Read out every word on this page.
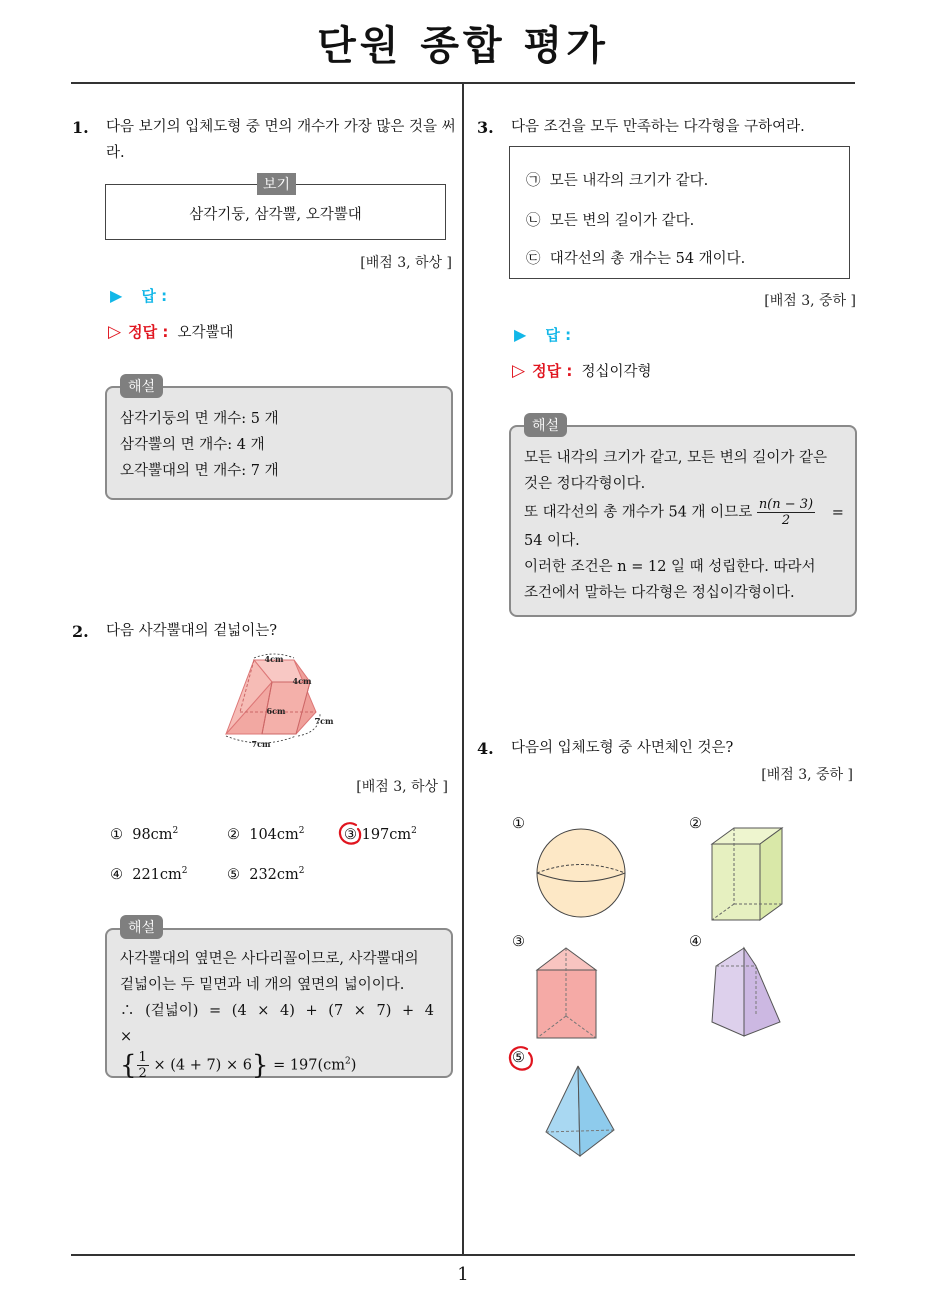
단원 종합 평가
1
1. 다음 보기의 입체도형 중 면의 개수가 가장 많은 것을 써라.
삼각기둥, 삼각뿔, 오각뿔대
보기
[배점 3, 하상 ]
▶ 답 :
▷ 정답 : 오각뿔대
삼각기둥의 면 개수: 5 개
삼각뿔의 면 개수: 4 개
오각뿔대의 면 개수: 7 개
해설
2. 다음 사각뿔대의 겉넓이는?
4cm
4cm
6cm
7cm
7cm
[배점 3, 하상 ]
① $98cm^2$	② $104cm^2$	③ $197cm^2$
④ $221cm^2$	⑤ $232cm^2$
사각뿔대의 옆면은 사다리꼴이므로, 사각뿔대의
겉넓이는 두 밑면과 네 개의 옆면의 넓이이다.
∴ (겉넓이) = (4 × 4) + (7 × 7) + 4 ×
{ $\frac{1}{2} \times (4 + 7) \times 6\} = 197(cm^2)$
해설
3. 다음 조건을 모두 만족하는 다각형을 구하여라.
㉠ 모든 내각의 크기가 같다.
㉡ 모든 변의 길이가 같다.
㉢ 대각선의 총 개수는 54 개이다.
[배점 3, 중하 ]
▶ 답 :
▷ 정답 : 정십이각형
모든 내각의 크기가 같고, 모든 변의 길이가 같은
것은 정다각형이다.
또 대각선의 총 개수가 54 개 이므로 $\frac{n(n - 3)}{2}$ =
54 이다.
이러한 조건은 n = 12 일 때 성립한다. 따라서
조건에서 말하는 다각형은 정십이각형이다.
해설
4. 다음의 입체도형 중 사면체인 것은?
[배점 3, 중하 ]
①	②
③	④
⑤
